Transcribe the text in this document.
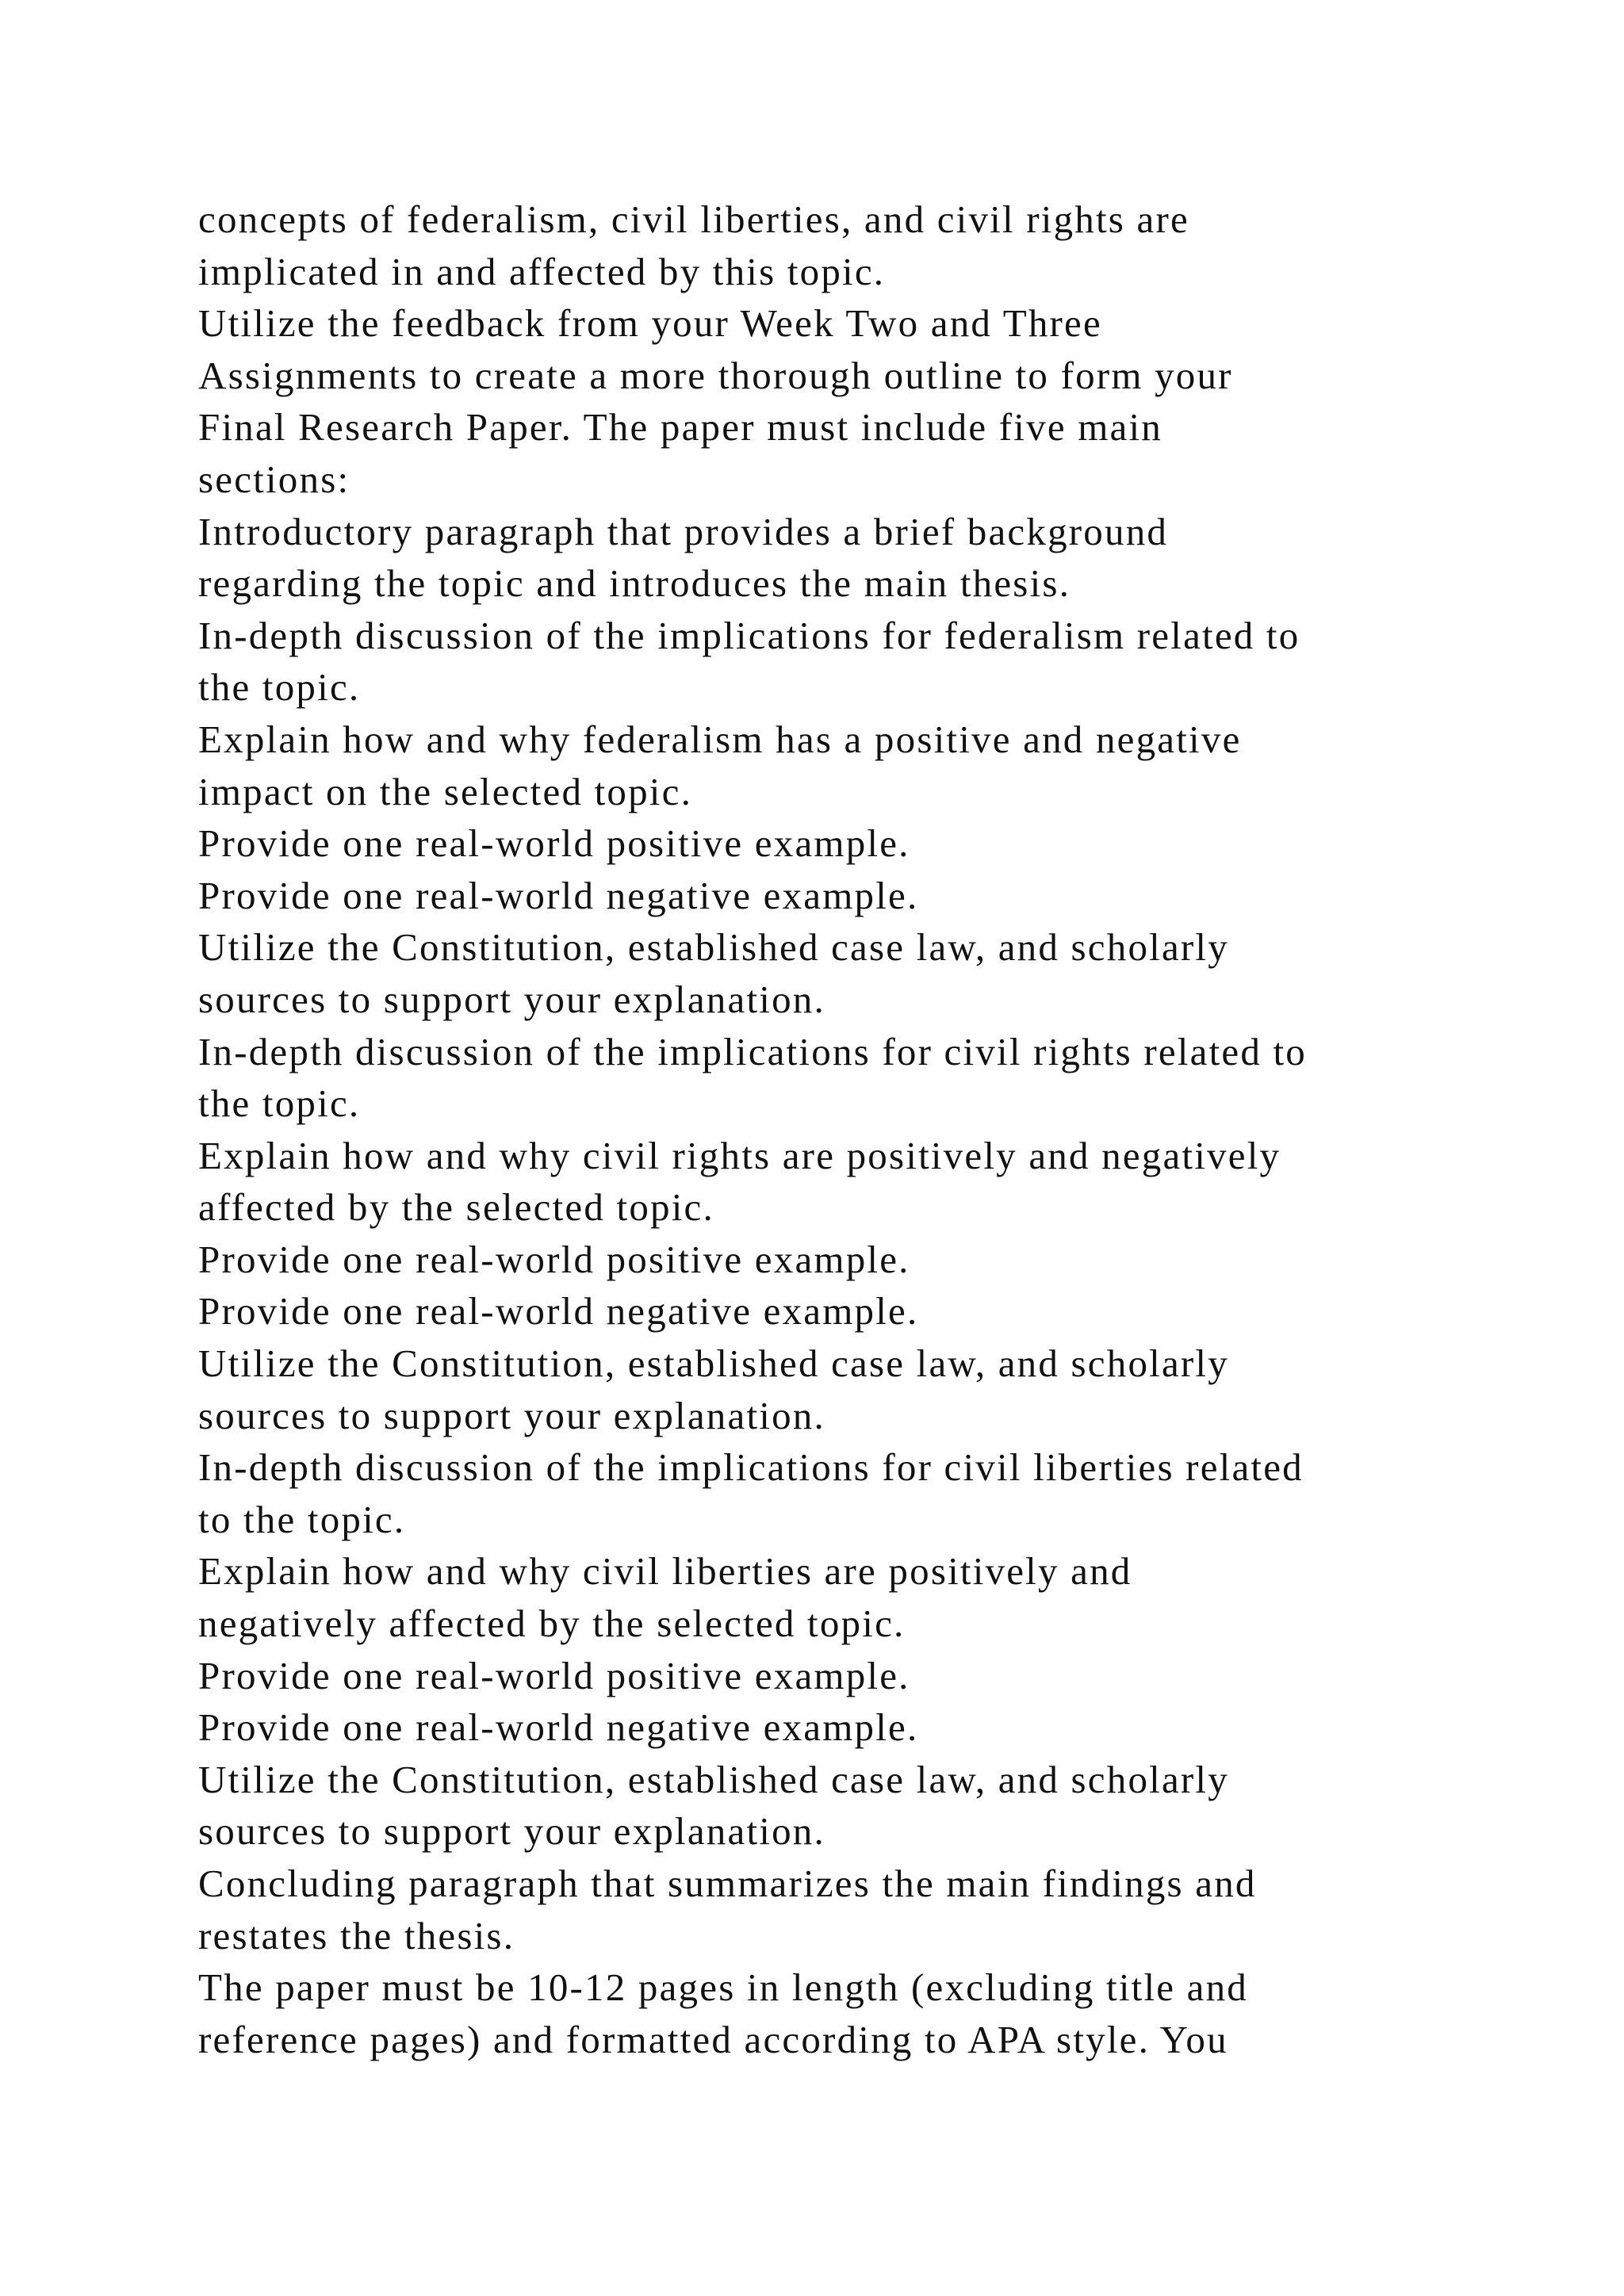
concepts of federalism, civil liberties, and civil rights are
implicated in and affected by this topic.
Utilize the feedback from your Week Two and Three
Assignments to create a more thorough outline to form your
Final Research Paper. The paper must include five main
sections:
Introductory paragraph that provides a brief background
regarding the topic and introduces the main thesis.
In-depth discussion of the implications for federalism related to
the topic.
Explain how and why federalism has a positive and negative
impact on the selected topic.
Provide one real-world positive example.
Provide one real-world negative example.
Utilize the Constitution, established case law, and scholarly
sources to support your explanation.
In-depth discussion of the implications for civil rights related to
the topic.
Explain how and why civil rights are positively and negatively
affected by the selected topic.
Provide one real-world positive example.
Provide one real-world negative example.
Utilize the Constitution, established case law, and scholarly
sources to support your explanation.
In-depth discussion of the implications for civil liberties related
to the topic.
Explain how and why civil liberties are positively and
negatively affected by the selected topic.
Provide one real-world positive example.
Provide one real-world negative example.
Utilize the Constitution, established case law, and scholarly
sources to support your explanation.
Concluding paragraph that summarizes the main findings and
restates the thesis.
The paper must be 10-12 pages in length (excluding title and
reference pages) and formatted according to APA style. You
